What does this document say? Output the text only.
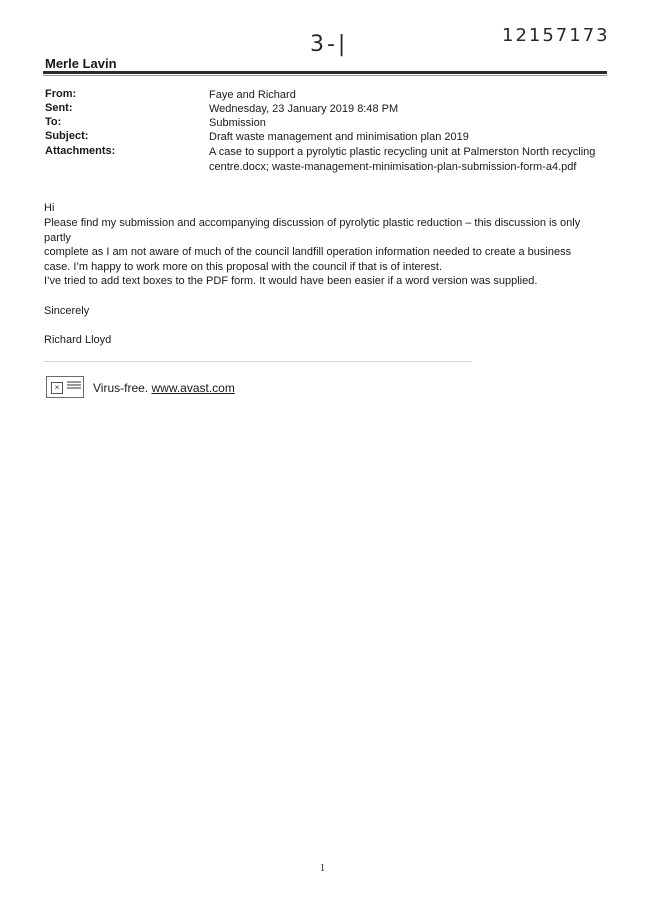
3-|	12157173
Merle Lavin
From:	Faye and Richard
Sent:	Wednesday, 23 January 2019 8:48 PM
To:	Submission
Subject:	Draft waste management and minimisation plan 2019
Attachments:	A case to support a pyrolytic plastic recycling unit at Palmerston North recycling
centre.docx; waste-management-minimisation-plan-submission-form-a4.pdf
Hi
Please find my submission and accompanying discussion of pyrolytic plastic reduction – this discussion is only partly
complete as I am not aware of much of the council landfill operation information needed to create a business
case. I’m happy to work more on this proposal with the council if that is of interest.
I’ve tried to add text boxes to the PDF form. It would have been easier if a word version was supplied.
Sincerely
Richard Lloyd
×	Virus-free. www.avast.com
1
